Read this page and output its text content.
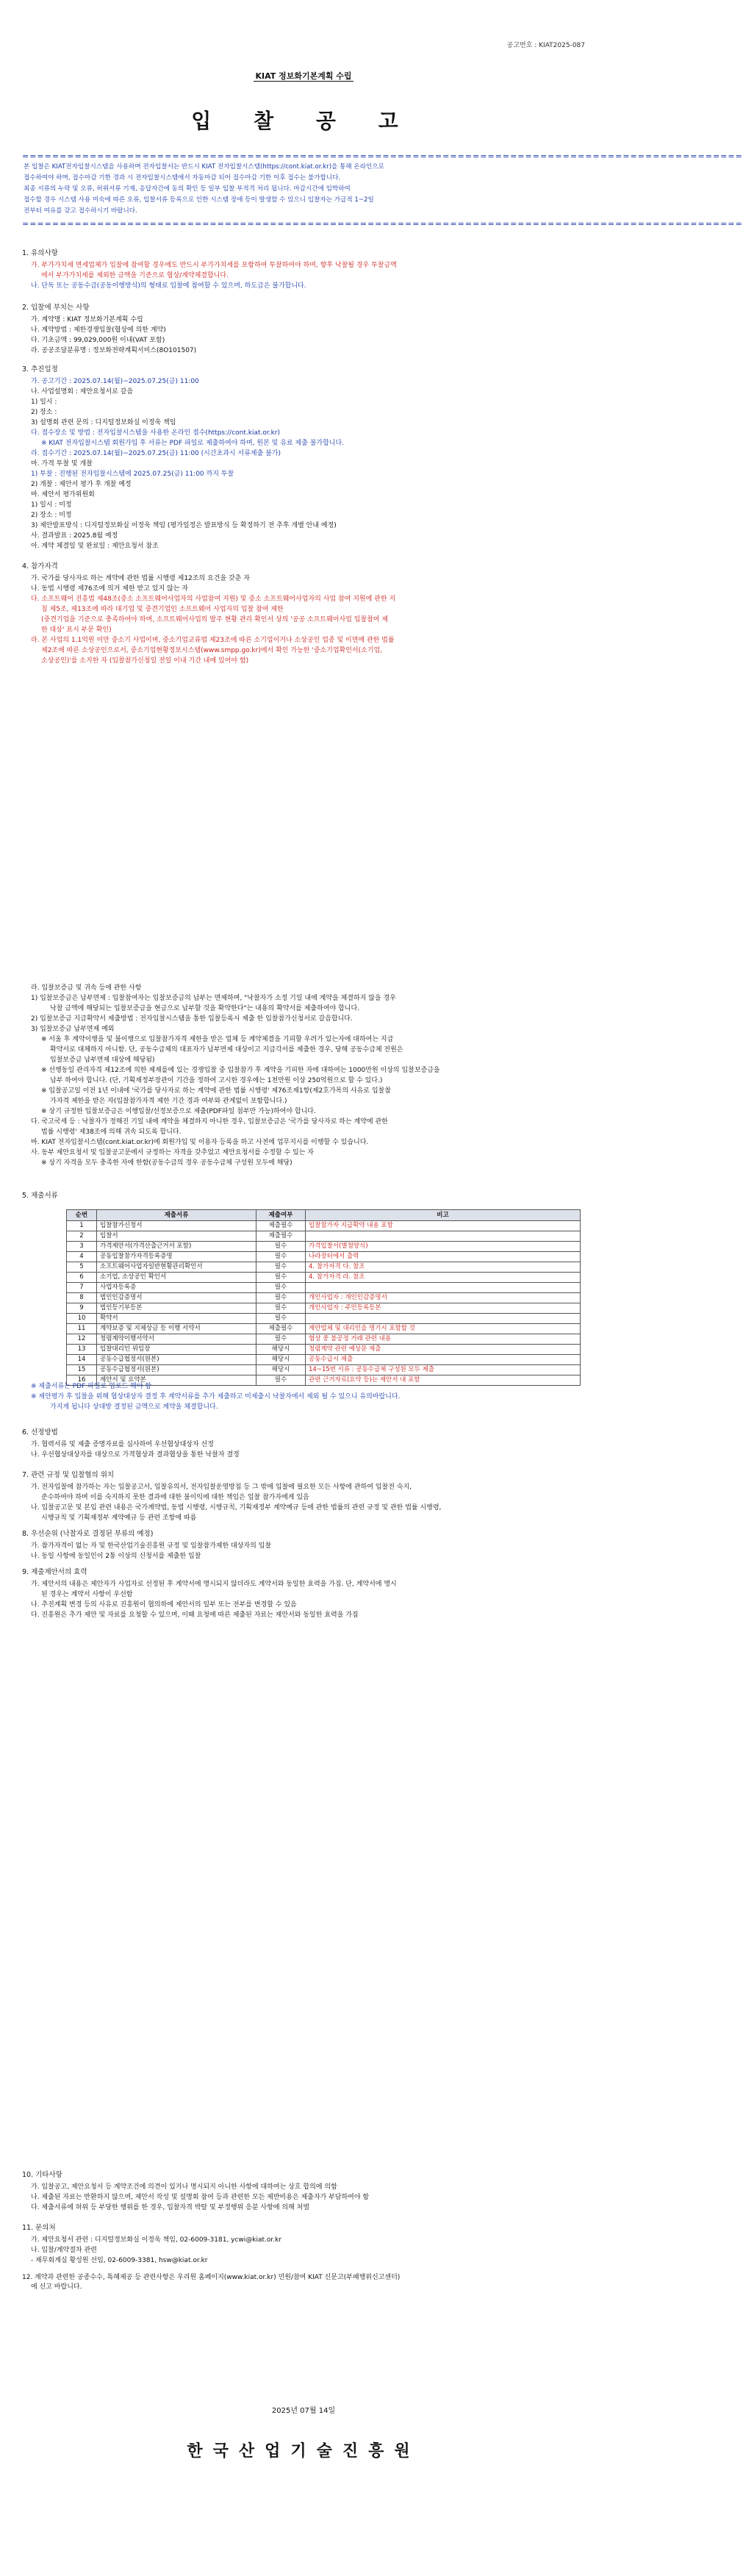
공고번호 : KIAT2025-087
KIAT 정보화기본계획 수립
입 찰 공 고
================================================================================================
본 입찰은 KIAT전자입찰시스템을 사용하며 전자입찰서는 반드시 KIAT 전자입찰시스템(https://cont.kiat.or.kr)을 통해 온라인으로
접수하여야 하며, 접수마감 기한 경과 시 전자입찰시스템에서 자동마감 되어 접수마감 기한 이후 접수는 불가합니다.
최종 서류의 누락 및 오류, 허위서류 기재, 응답자간에 동의 확인 등 일부 입찰 부적격 처리 됩니다. 마감시간에 임박하여
접수할 경우 시스템 사용 미숙에 따른 오류, 입찰서류 등록으로 인한 시스템 장애 등이 발생할 수 있으니 입찰자는 가급적 1~2일
전부터 여유를 갖고 접수하시기 바랍니다.
================================================================================================
1. 유의사항
가. 부가가치세 면세업체가 입찰에 참여할 경우에도 반드시 부가가치세를 포함하여 투찰하여야 하며, 향후 낙찰될 경우 투찰금액
에서 부가가치세를 제외한 금액을 기준으로 협상/계약체결합니다.
나. 단독 또는 공동수급(공동이행방식)의 형태로 입찰에 참여할 수 있으며, 하도급은 불가합니다.
2. 입찰에 부치는 사항
가. 계약명 : KIAT 정보화기본계획 수립
나. 계약방법 : 제한경쟁입찰(협상에 의한 계약)
다. 기초금액 : 99,029,000원 이내(VAT 포함)
라. 공공조달분류명 : 정보화전략계획서비스(8O101507)
3. 추진일정
가. 공고기간 : 2025.07.14(월)~2025.07.25(금) 11:00
나. 사업설명회 : 제안요청서로 갈음
1) 일시 :
2) 장소 :
3) 설명회 관련 문의 : 디지털정보화실 이정욱 책임
다. 접수장소 및 방법 : 전자입찰시스템을 사용한 온라인 접수(https://cont.kiat.or.kr)
※ KIAT 전자입찰시스템 회원가입 후 서류는 PDF 파일로 제출하여야 하며, 원본 및 유료 제출 불가합니다.
라. 접수기간 : 2025.07.14(월)~2025.07.25(금) 11:00 (시간초과시 서류제출 불가)
마. 가격 투찰 및 개찰
1) 투찰 : 진행된 전자입찰시스템에 2025.07.25(금) 11:00 까지 투찰
2) 개찰 : 제안서 평가 후 개찰 예정
바. 제안서 평가위원회
1) 일시 : 미정
2) 장소 : 미정
3) 제안발표방식 : 디지털정보화실 이정욱 책임 (평가일정은 발표방식 등 확정하기 전 추후 개별 안내 예정)
사. 결과발표 : 2025.8월 예정
아. 계약 체결일 및 완료일 : 제안요청서 참조
4. 참가자격
가. 국가를 당사자로 하는 계약에 관한 법률 시행령 제12조의 요건을 갖춘 자
나. 동법 시행령 제76조에 의거 제한 받고 있지 않는 자
다. 소프트웨어 진흥법 제48조(중소 소프트웨어사업자의 사업참여 지원) 및 중소 소프트웨어사업자의 사업 참여 지원에 관한 지
침 제5조, 제13조에 따라 대기업 및 중견기업인 소프트웨어 사업자의 입찰 참여 제한
(중견기업을 기준으로 충족하여야 하며, 소프트웨어사업의 발주 현황 관리 확인서 상의 '공공 소프트웨어사업 입찰참여 제
한 대상' 표시 부문 확인)
라. 본 사업의 1.1억원 미만 중소기 사업이며, 중소기업교류법 제23조에 따른 소기업이거나 소상공인 업종 및 이면에 관한 법률
제2조에 따른 소상공인으로서, 중소기업현황정보시스템(www.smpp.go.kr)에서 확인 가능한 '중소기업확인서(소기업,
소상공인)'를 소지한 자 (입찰참가신청일 전일 이내 기간 내에 있어야 함)
라. 입찰보증금 및 귀속 등에 관한 사항
1) 입찰보증금은 납부면제 : 입찰참여자는 입찰보증금의 납부는 면제하며, "낙찰자가 소정 기일 내에 계약을 체결하지 않을 경우
낙찰 금액에 해당되는 입찰보증금을 현금으로 납부할 것을 확약한다"는 내용의 확약서를 제출하여야 합니다.
2) 입찰보증금 지급확약서 제출방법 : 전자입찰시스템을 통한 입찰등록시 제출 한 입찰참가신청서로 갈음합니다.
3) 입찰보증금 납부면제 예외
※ 서울 후 계약이행을 및 불이행으로 입찰참가자격 제한을 받은 업체 등 계약체결을 기피할 우려가 있는자에 대하여는 지급
확약서로 대체하지 아니함. 단, 공동수급체의 대표자가 납부면제 대상이고 지급각서를 제출한 경우, 당해 공동수급체 전원은
입찰보증금 납부면제 대상에 해당됨)
※ 선행동일 관리자격 제12조에 의한 제재를에 있는 경쟁입찰 중 입찰참가 후 계약을 기피한 자에 대하여는 1000만원 이상의 입찰보증금을
납부 하여야 합니다. (단, 기획재정부장관이 기간을 정하여 고시한 경우에는 1천만원 이상 250억원으로 할 수 있다.)
※ 입찰공고일 이전 1년 이내에 '국가를 당사자로 하는 계약에 관한 법률 시행령' 제76조제1항(제2호가목의 사유로 입찰참
가자격 제한을 받은 자(입찰참가자격 제한 기간 경과 여부와 관계없이 포함합니다.)
※ 상기 규정한 입찰보증금은 이행입찰/선정보증으로 제출(PDF파일 첨부만 가능)하여야 합니다.
다. 국고국세 등 : 낙찰자가 정해진 기일 내에 계약을 체결하지 아니한 경우, 입찰보증금은 '국가를 당사자로 하는 계약에 관한
법률 시행령' 제38조에 의해 귀속 되도록 합니다.
바. KIAT 전자입찰시스템(cont.kiat.or.kr)에 회원가입 및 이용자 등록을 하고 사전에 업무지시를 이행할 수 있습니다.
사. 동부 제안요청서 및 입찰공고문에서 규정하는 자격을 갖추었고 제안요청서를 수정할 수 있는 자
※ 상기 자격을 모두 충족한 자에 한함(공동수급의 경우 공동수급체 구성원 모두에 해당)
5. 제출서류
순번	제출서류	제출여부	비고
1	입찰참가신청서	제출필수	입찰참가자 지급확약 내용 포함
2	입찰서	제출필수	
3	가격제안서(가격산출근거서 포함)	필수	가격입찰서(별첨양식)
4	공동입찰참가자격등록증명	필수	나라장터에서 출력
5	소프트웨어사업자일반현황관리확인서	필수	4. 참가자격 다. 참조
6	소기업, 소상공인 확인서	필수	4. 참가자격 라. 참조
7	사업자등록증	필수	
8	법인인감증명서	필수	개인사업자 : 개인인감증명서
9	법인등기부등본	필수	개인사업자 : 주민등록등본
10	확약서	필수	
11	계약보증 및 지체상금 등 이행 서약서	제출필수	제안업체 및 대리인을 명기시 포함할 것
12	청렴계약이행서약서	필수	협상 중 불공정 거래 관련 내용
13	입찰대리인 위임장	해당시	청렴계약 관련 예상문 제출
14	공동수급협정서(원본)	해당시	공동수급시 제출
15	공동수급협정서(원본)	해당시	14~15번 서류 : 공동수급체 구성원 모두 제출
16	제안서 및 요약본	필수	관련 근거자료(요약 등)는 제안서 내 포함
※ 제출서류는 PDF 파일로 업로드 해야 함
※ 제안평가 후 입찰을 위해 협상대상자 결정 후 계약서류를 추가 제출하고 미제출시 낙찰자에서 제외 될 수 있으니 유의바랍니다.
가지게 됩니다 상대방 결정된 금액으로 계약을 체결합니다.
6. 선정방법
가. 협력서류 및 제출 증명자료를 심사하여 우선협상대상자 선정
나. 우선협상대상자를 대상으로 가격협상과 결과협상을 통한 낙찰자 결정
7. 관련 규정 및 입찰협의 위치
가. 전자입찰에 참가하는 자는 입찰공고서, 입찰유의서, 전자입찰운영방침 등 그 밖에 입찰에 필요한 모든 사항에 관하여 입찰전 숙지,
준수하여야 하며 이를 숙지하지 못한 결과에 대한 불이익에 대한 책임은 입찰 참가자에게 있음
나. 입찰공고문 및 본입 관련 내용은 국가계약법, 동법 시행령, 시행규칙, 기획재정부 계약예규 등에 관한 법률의 관련 규정 및 관한 법률 시행령,
시행규칙 및 기획재정부 계약예규 등 관련 조항에 따름
8. 우선순위 (낙찰자로 결정된 부류의 예정)
가. 참가자격이 없는 자 및 한국산업기술진흥원 규정 및 입찰참가제한 대상자의 입찰
나. 동일 사항에 동일인이 2통 이상의 신청서를 제출한 입찰
9. 제출제안서의 효력
가. 제안서의 내용은 제안자가 사업자로 선정된 후 계약서에 명시되지 않더라도 계약서와 동일한 효력을 가짐. 단, 계약서에 명시
된 경우는 계약서 사항이 우선함
나. 추진계획 변경 등의 사유로 진흥원이 협의하에 제안서의 일부 또는 전부를 변경할 수 있음
다. 진흥원은 추가 제안 및 자료를 요청할 수 있으며, 이때 요청에 따른 제출된 자료는 제안서와 동일한 효력을 가짐
10. 기타사항
가. 입찰공고, 제안요청서 등 계약조건에 의견이 있거나 명시되지 아니한 사항에 대하여는 상호 합의에 의함
나. 제출된 자료는 반환하지 않으며, 제안서 작성 및 설명회 참여 등과 관련한 모든 제반비용은 제출자가 부담하여야 함
다. 제출서류에 허위 등 부당한 행위를 한 경우, 입찰자격 박탈 및 부정행위 응분 사항에 의해 처벌
11. 문의처
가. 제안요청서 관련 : 디지털정보화실 이정욱 책임, 02-6009-3181, ycwi@kiat.or.kr
나. 입찰/계약절차 관련
- 재무회계실 황성원 선임, 02-6009-3381, hsw@kiat.or.kr
12. 계약과 관련한 공종수수, 특혜제공 등 관련사항은 우리원 홈페이지(www.kiat.or.kr) 민원/참여 KIAT 신문고(부패행위신고센터)
에 신고 바랍니다.
2025년 07월 14일
한국산업기술진흥원
